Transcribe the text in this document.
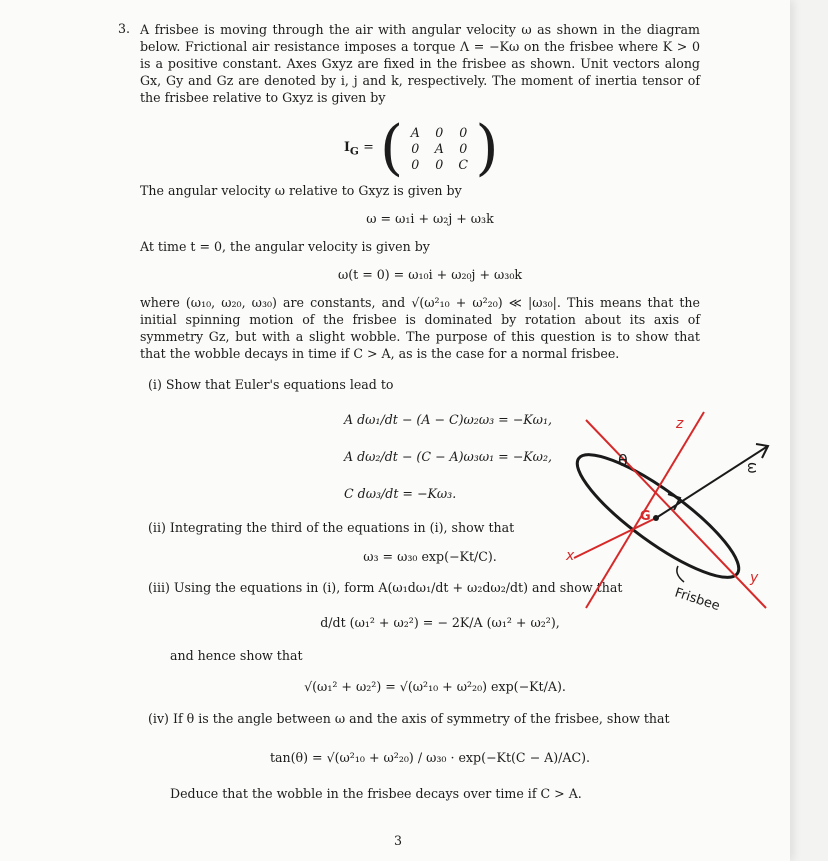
3. A frisbee is moving through the air with angular velocity ω as shown in the diagram below. Frictional air resistance imposes a torque Λ = −Kω on the frisbee where K > 0 is a positive constant. Axes Gxyz are fixed in the frisbee as shown. Unit vectors along Gx, Gy and Gz are denoted by i, j and k, respectively. The moment of inertia tensor of the frisbee relative to Gxyz is given by
$I_G$ = ( A	0	0
0	A	0
0	0	C )
The angular velocity ω relative to Gxyz is given by
ω = ω₁i + ω₂j + ω₃k
At time t = 0, the angular velocity is given by
ω(t = 0) = ω₁₀i + ω₂₀j + ω₃₀k
where (ω₁₀, ω₂₀, ω₃₀) are constants, and √(ω²₁₀ + ω²₂₀) ≪ |ω₃₀|. This means that the initial spinning motion of the frisbee is dominated by rotation about its axis of symmetry Gz, but with a slight wobble. The purpose of this question is to show that that the wobble decays in time if C > A, as is the case for a normal frisbee.
(i) Show that Euler's equations lead to
A dω₁/dt − (A − C)ω₂ω₃ = −Kω₁,
A dω₂/dt − (C − A)ω₃ω₁ = −Kω₂,
C dω₃/dt = −Kω₃.
(ii) Integrating the third of the equations in (i), show that
ω₃ = ω₃₀ exp(−Kt/C).
(iii) Using the equations in (i), form A(ω₁dω₁/dt + ω₂dω₂/dt) and show that
d/dt (ω₁² + ω₂²) = − 2K/A (ω₁² + ω₂²),
and hence show that
√(ω₁² + ω₂²) = √(ω²₁₀ + ω²₂₀) exp(−Kt/A).
(iv) If θ is the angle between ω and the axis of symmetry of the frisbee, show that
tan(θ) = √(ω²₁₀ + ω²₂₀) / ω₃₀ · exp(−Kt(C − A)/AC).
Deduce that the wobble in the frisbee decays over time if C > A.
3
z
x
y
G
θ	ω
Frisbee
